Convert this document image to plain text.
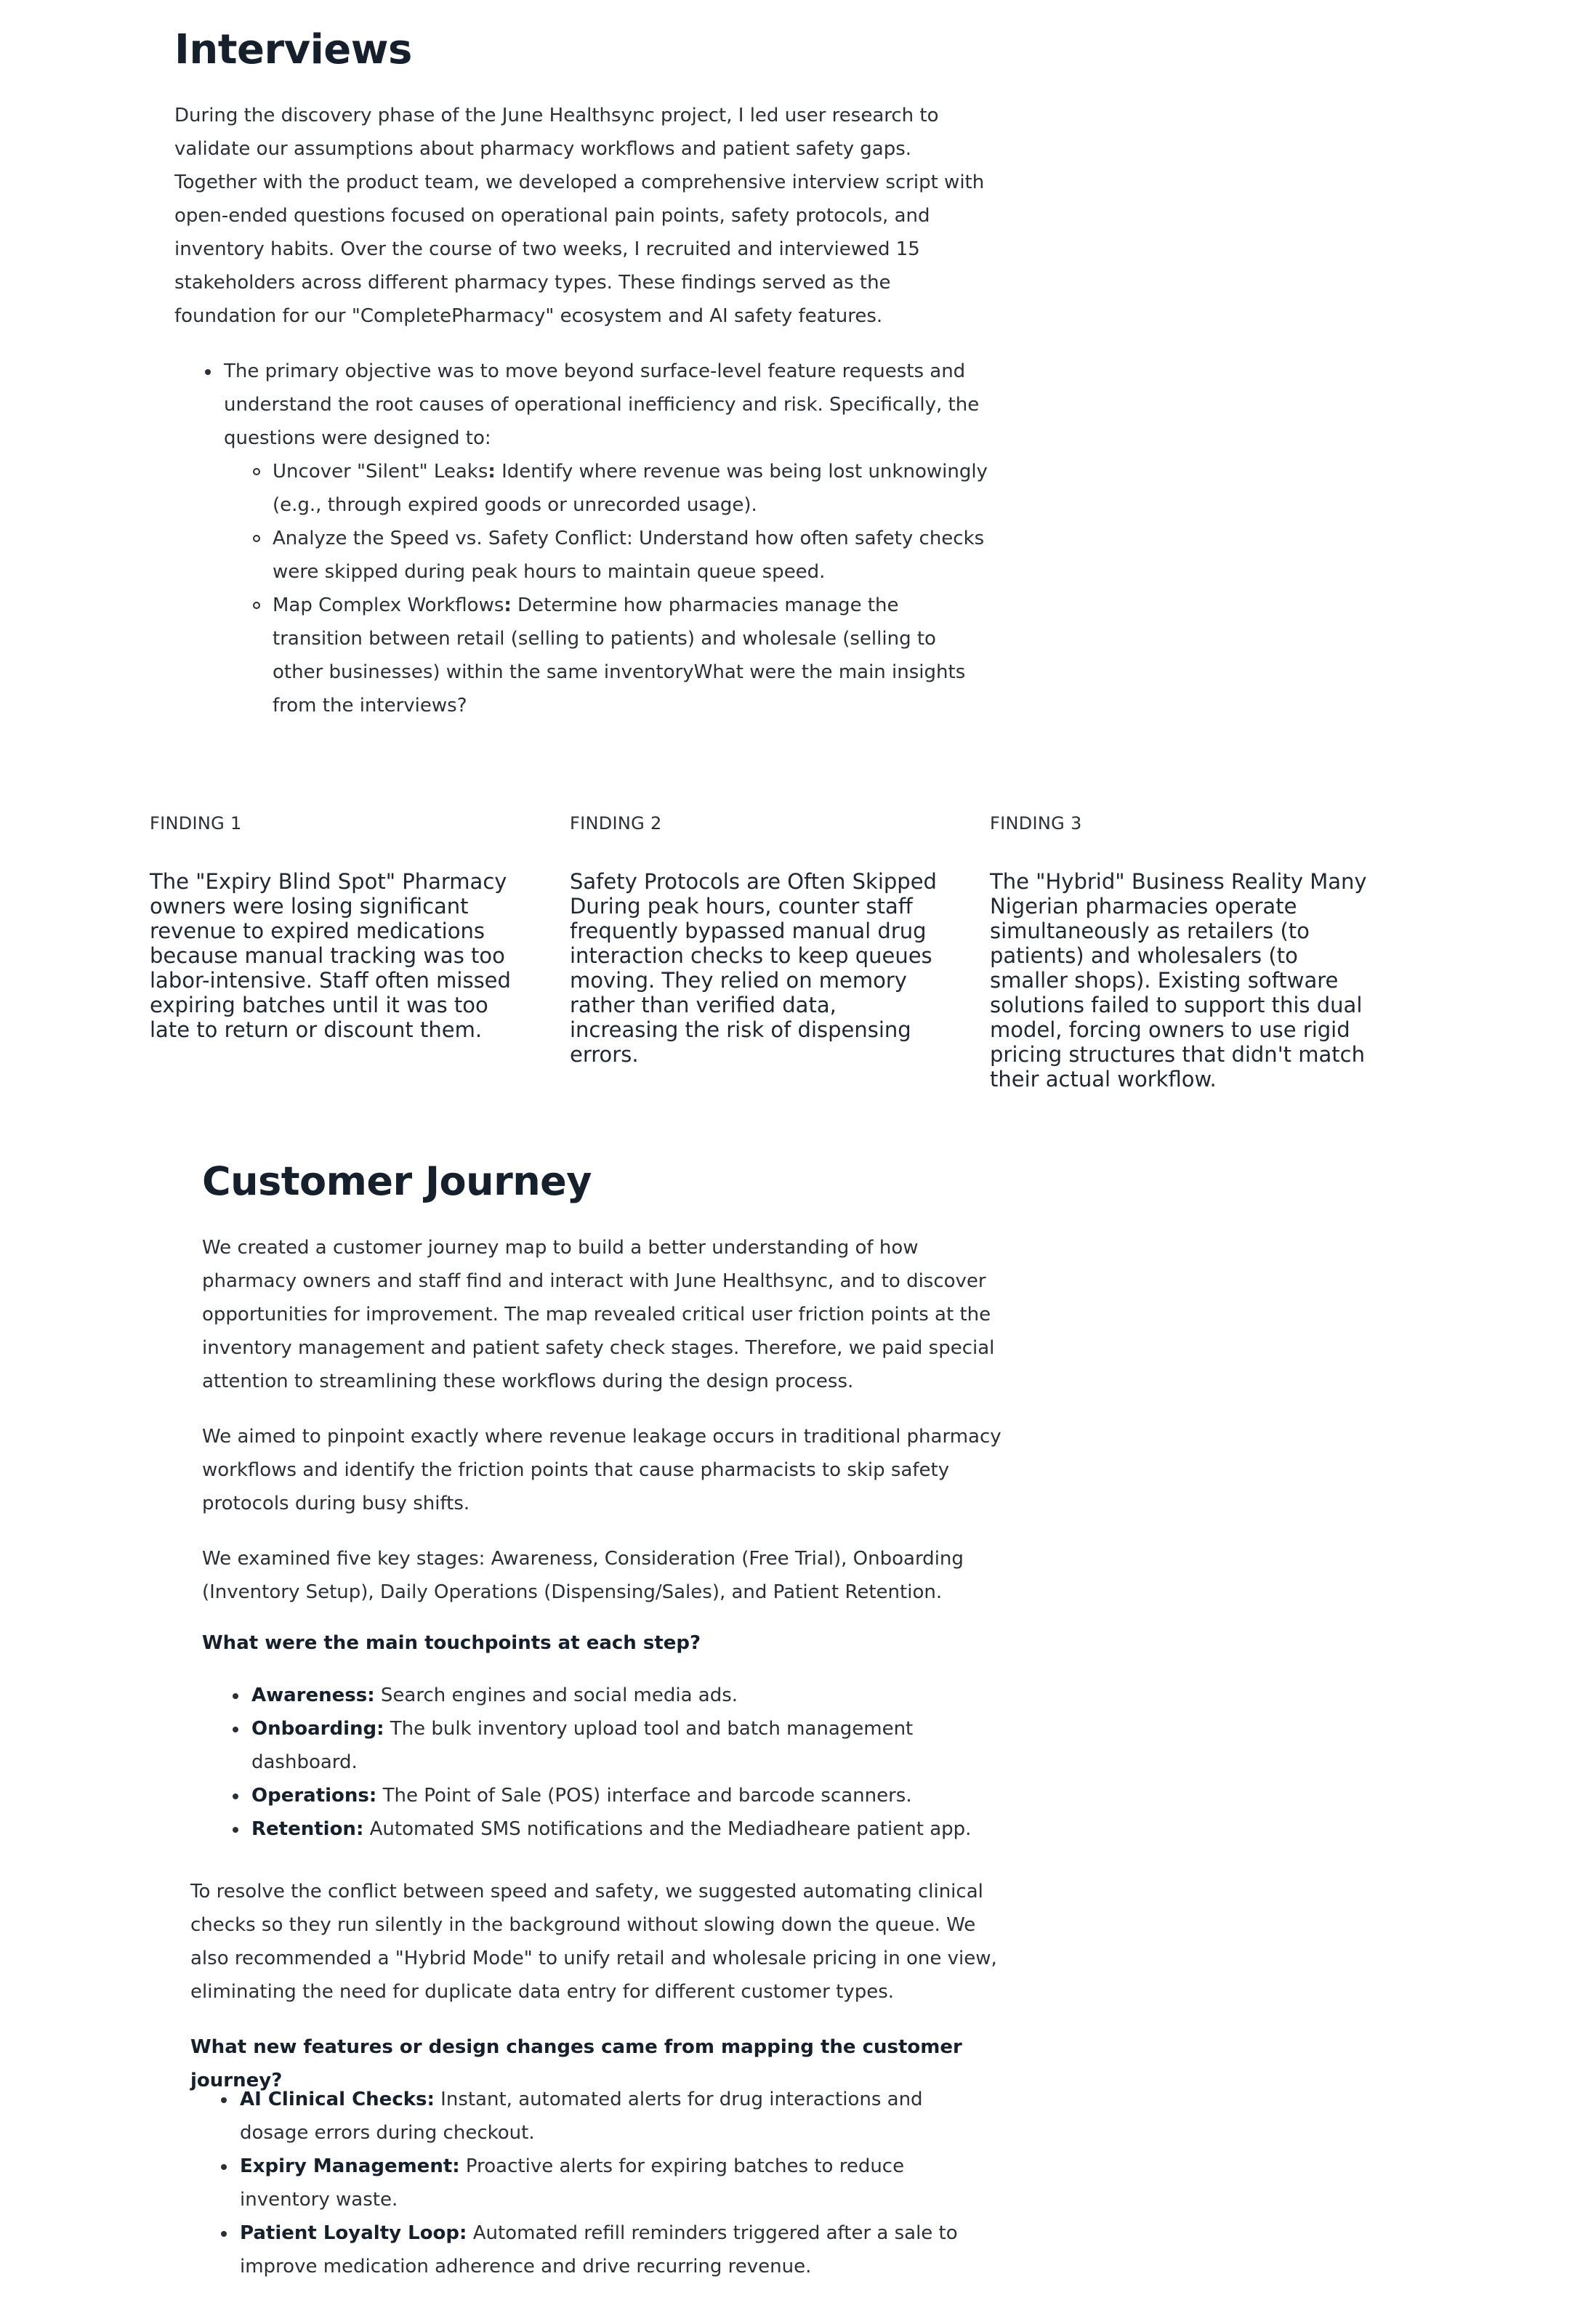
Interviews

During the discovery phase of the June Healthsync project, I led user research to validate our assumptions about pharmacy workflows and patient safety gaps. Together with the product team, we developed a comprehensive interview script with open-ended questions focused on operational pain points, safety protocols, and inventory habits. Over the course of two weeks, I recruited and interviewed 15 stakeholders across different pharmacy types. These findings served as the foundation for our "CompletePharmacy" ecosystem and AI safety features.

The primary objective was to move beyond surface-level feature requests and understand the root causes of operational inefficiency and risk. Specifically, the questions were designed to:
Uncover "Silent" Leaks: Identify where revenue was being lost unknowingly (e.g., through expired goods or unrecorded usage).
Analyze the Speed vs. Safety Conflict: Understand how often safety checks were skipped during peak hours to maintain queue speed.
Map Complex Workflows: Determine how pharmacies manage the transition between retail (selling to patients) and wholesale (selling to other businesses) within the same inventoryWhat were the main insights from the interviews?
FINDING 1

The "Expiry Blind Spot" Pharmacy owners were losing significant revenue to expired medications because manual tracking was too labor-intensive. Staff often missed expiring batches until it was too late to return or discount them.

FINDING 2

Safety Protocols are Often Skipped During peak hours, counter staff frequently bypassed manual drug interaction checks to keep queues moving. They relied on memory rather than verified data, increasing the risk of dispensing errors.

FINDING 3

The "Hybrid" Business Reality Many Nigerian pharmacies operate simultaneously as retailers (to patients) and wholesalers (to smaller shops). Existing software solutions failed to support this dual model, forcing owners to use rigid pricing structures that didn't match their actual workflow.

Customer Journey

We created a customer journey map to build a better understanding of how pharmacy owners and staff find and interact with June Healthsync, and to discover opportunities for improvement. The map revealed critical user friction points at the inventory management and patient safety check stages. Therefore, we paid special attention to streamlining these workflows during the design process.

We aimed to pinpoint exactly where revenue leakage occurs in traditional pharmacy workflows and identify the friction points that cause pharmacists to skip safety protocols during busy shifts.

We examined five key stages: Awareness, Consideration (Free Trial), Onboarding (Inventory Setup), Daily Operations (Dispensing/Sales), and Patient Retention.

What were the main touchpoints at each step?

Awareness: Search engines and social media ads.
Onboarding: The bulk inventory upload tool and batch management dashboard.
Operations: The Point of Sale (POS) interface and barcode scanners.
Retention: Automated SMS notifications and the Mediadheare patient app.

To resolve the conflict between speed and safety, we suggested automating clinical checks so they run silently in the background without slowing down the queue. We also recommended a "Hybrid Mode" to unify retail and wholesale pricing in one view, eliminating the need for duplicate data entry for different customer types.

What new features or design changes came from mapping the customer journey?

AI Clinical Checks: Instant, automated alerts for drug interactions and dosage errors during checkout.
Expiry Management: Proactive alerts for expiring batches to reduce inventory waste.
Patient Loyalty Loop: Automated refill reminders triggered after a sale to improve medication adherence and drive recurring revenue.
